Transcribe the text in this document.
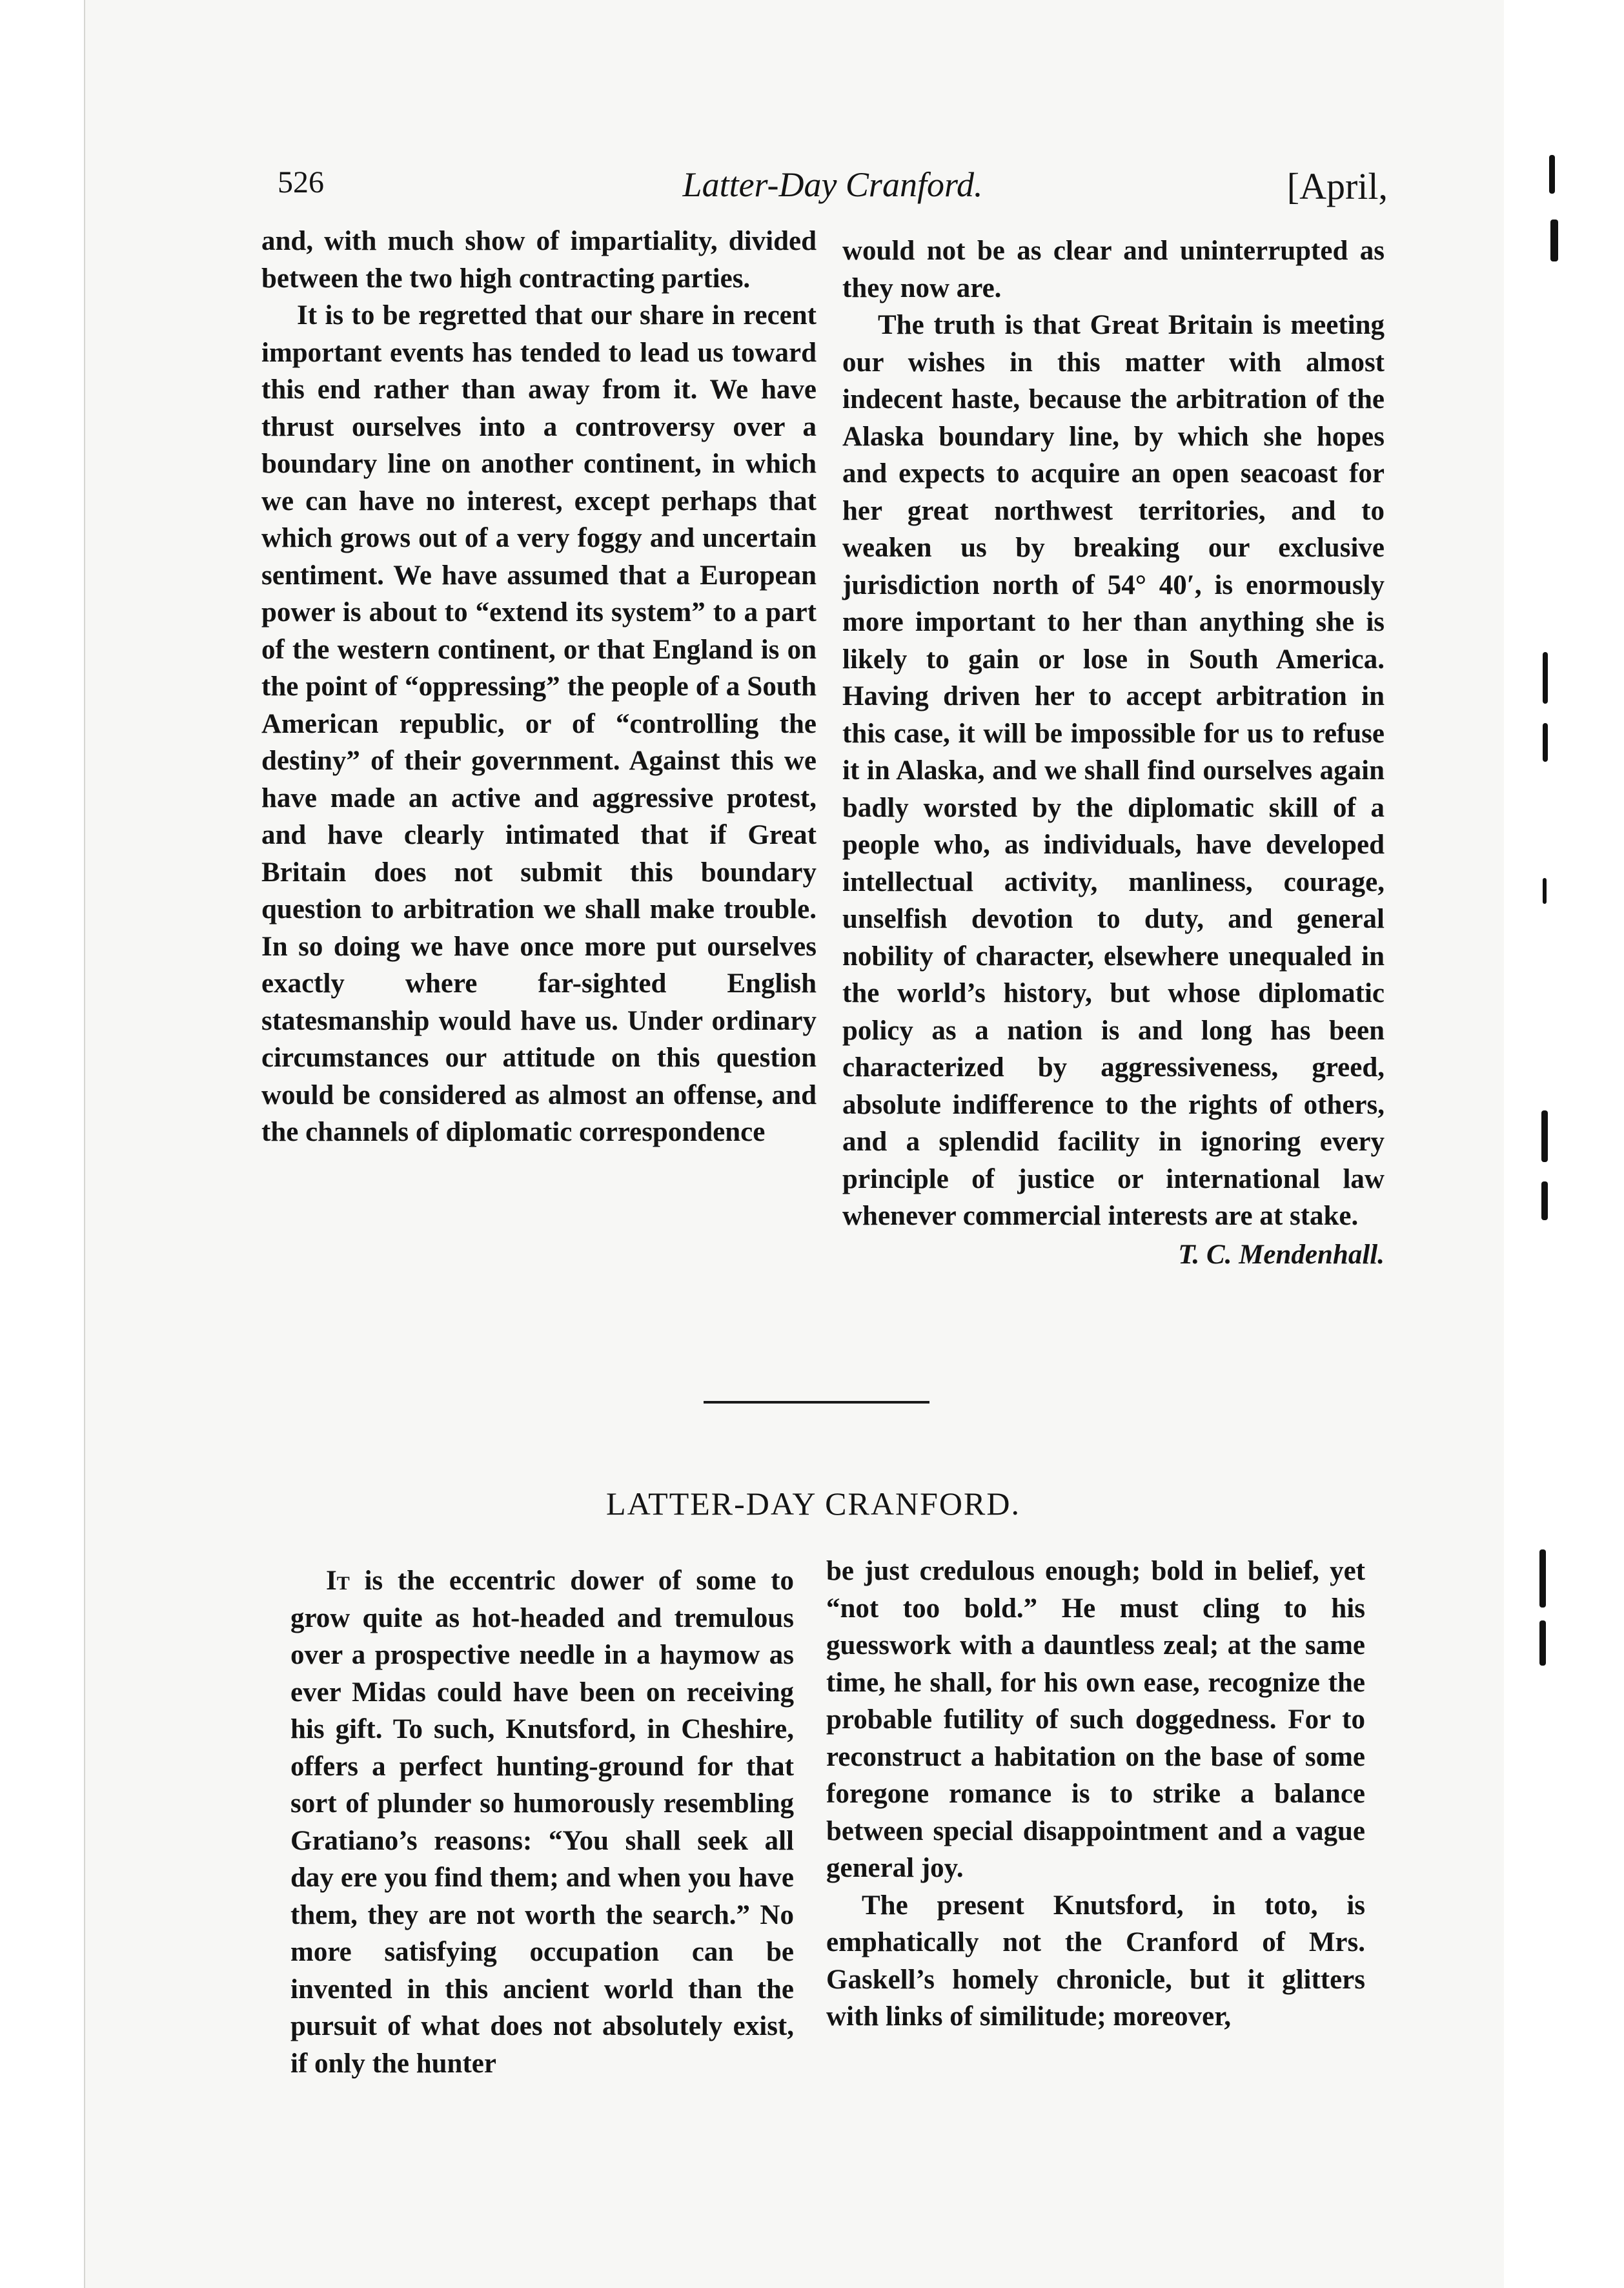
526	Latter-Day Cranford.	[April,

and, with much show of impartiality, divided between the two high contracting parties.

It is to be regretted that our share in recent important events has tended to lead us toward this end rather than away from it. We have thrust ourselves into a controversy over a boundary line on another continent, in which we can have no interest, except perhaps that which grows out of a very foggy and uncertain sentiment. We have assumed that a European power is about to “extend its system” to a part of the western continent, or that England is on the point of “oppressing” the people of a South American republic, or of “controlling the destiny” of their government. Against this we have made an active and aggressive protest, and have clearly intimated that if Great Britain does not submit this boundary question to arbitration we shall make trouble. In so doing we have once more put ourselves exactly where far-sighted English statesmanship would have us. Under ordinary circumstances our attitude on this question would be considered as almost an offense, and the channels of diplomatic correspondence

would not be as clear and uninterrupted as they now are.

The truth is that Great Britain is meeting our wishes in this matter with almost indecent haste, because the arbitration of the Alaska boundary line, by which she hopes and expects to acquire an open seacoast for her great northwest territories, and to weaken us by breaking our exclusive jurisdiction north of 54° 40′, is enormously more important to her than anything she is likely to gain or lose in South America. Having driven her to accept arbitration in this case, it will be impossible for us to refuse it in Alaska, and we shall find ourselves again badly worsted by the diplomatic skill of a people who, as individuals, have developed intellectual activity, manliness, courage, unselfish devotion to duty, and general nobility of character, elsewhere unequaled in the world’s history, but whose diplomatic policy as a nation is and long has been characterized by aggressiveness, greed, absolute indifference to the rights of others, and a splendid facility in ignoring every principle of justice or international law whenever commercial interests are at stake.

T. C. Mendenhall.
LATTER-DAY CRANFORD.

It is the eccentric dower of some to grow quite as hot-headed and tremulous over a prospective needle in a haymow as ever Midas could have been on receiving his gift. To such, Knutsford, in Cheshire, offers a perfect hunting-ground for that sort of plunder so humorously resembling Gratiano’s reasons: “You shall seek all day ere you find them; and when you have them, they are not worth the search.” No more satisfying occupation can be invented in this ancient world than the pursuit of what does not absolutely exist, if only the hunter

be just credulous enough; bold in belief, yet “not too bold.” He must cling to his guesswork with a dauntless zeal; at the same time, he shall, for his own ease, recognize the probable futility of such doggedness. For to reconstruct a habitation on the base of some foregone romance is to strike a balance between special disappointment and a vague general joy.

The present Knutsford, in toto, is emphatically not the Cranford of Mrs. Gaskell’s homely chronicle, but it glitters with links of similitude; moreover,
